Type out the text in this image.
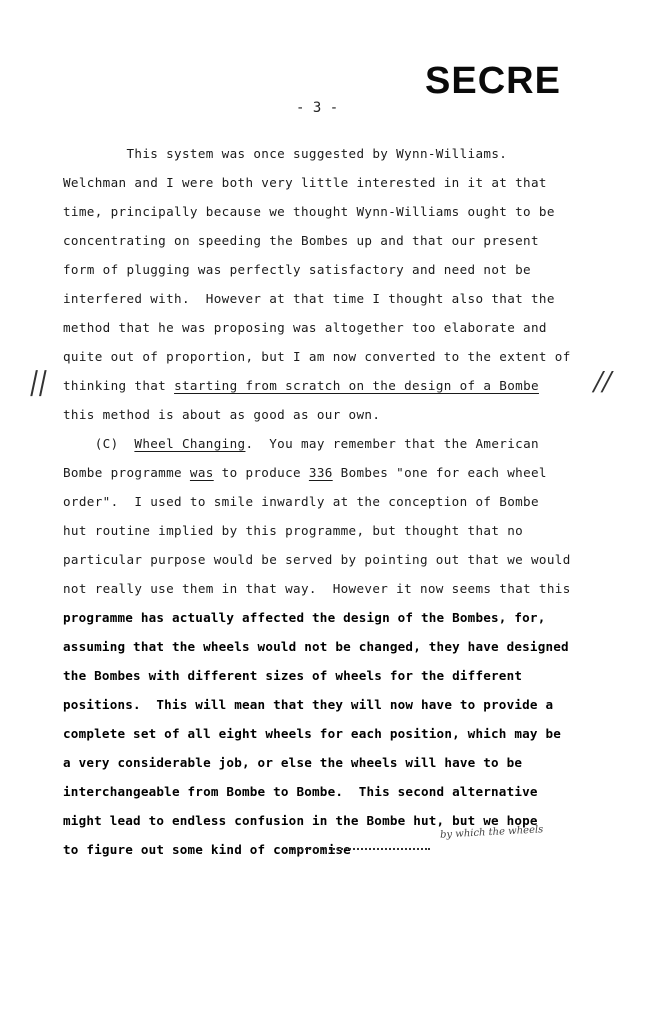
SECRE
- 3 -
This system was once suggested by Wynn-Williams.
Welchman and I were both very little interested in it at that
time, principally because we thought Wynn-Williams ought to be
concentrating on speeding the Bombes up and that our present
form of plugging was perfectly satisfactory and need not be
interfered with.  However at that time I thought also that the
method that he was proposing was altogether too elaborate and
quite out of proportion, but I am now converted to the extent of
thinking that starting from scratch on the design of a Bombe
this method is about as good as our own.
||	//
(C)  Wheel Changing.  You may remember that the American
Bombe programme was to produce 336 Bombes "one for each wheel
order".  I used to smile inwardly at the conception of Bombe
hut routine implied by this programme, but thought that no
particular purpose would be served by pointing out that we would
not really use them in that way.  However it now seems that this
programme has actually affected the design of the Bombes, for,
assuming that the wheels would not be changed, they have designed
the Bombes with different sizes of wheels for the different
positions.  This will mean that they will now have to provide a
complete set of all eight wheels for each position, which may be
a very considerable job, or else the wheels will have to be
interchangeable from Bombe to Bombe.  This second alternative
might lead to endless confusion in the Bombe hut, but we hope
to figure out some kind of compromise
by which the wheels
